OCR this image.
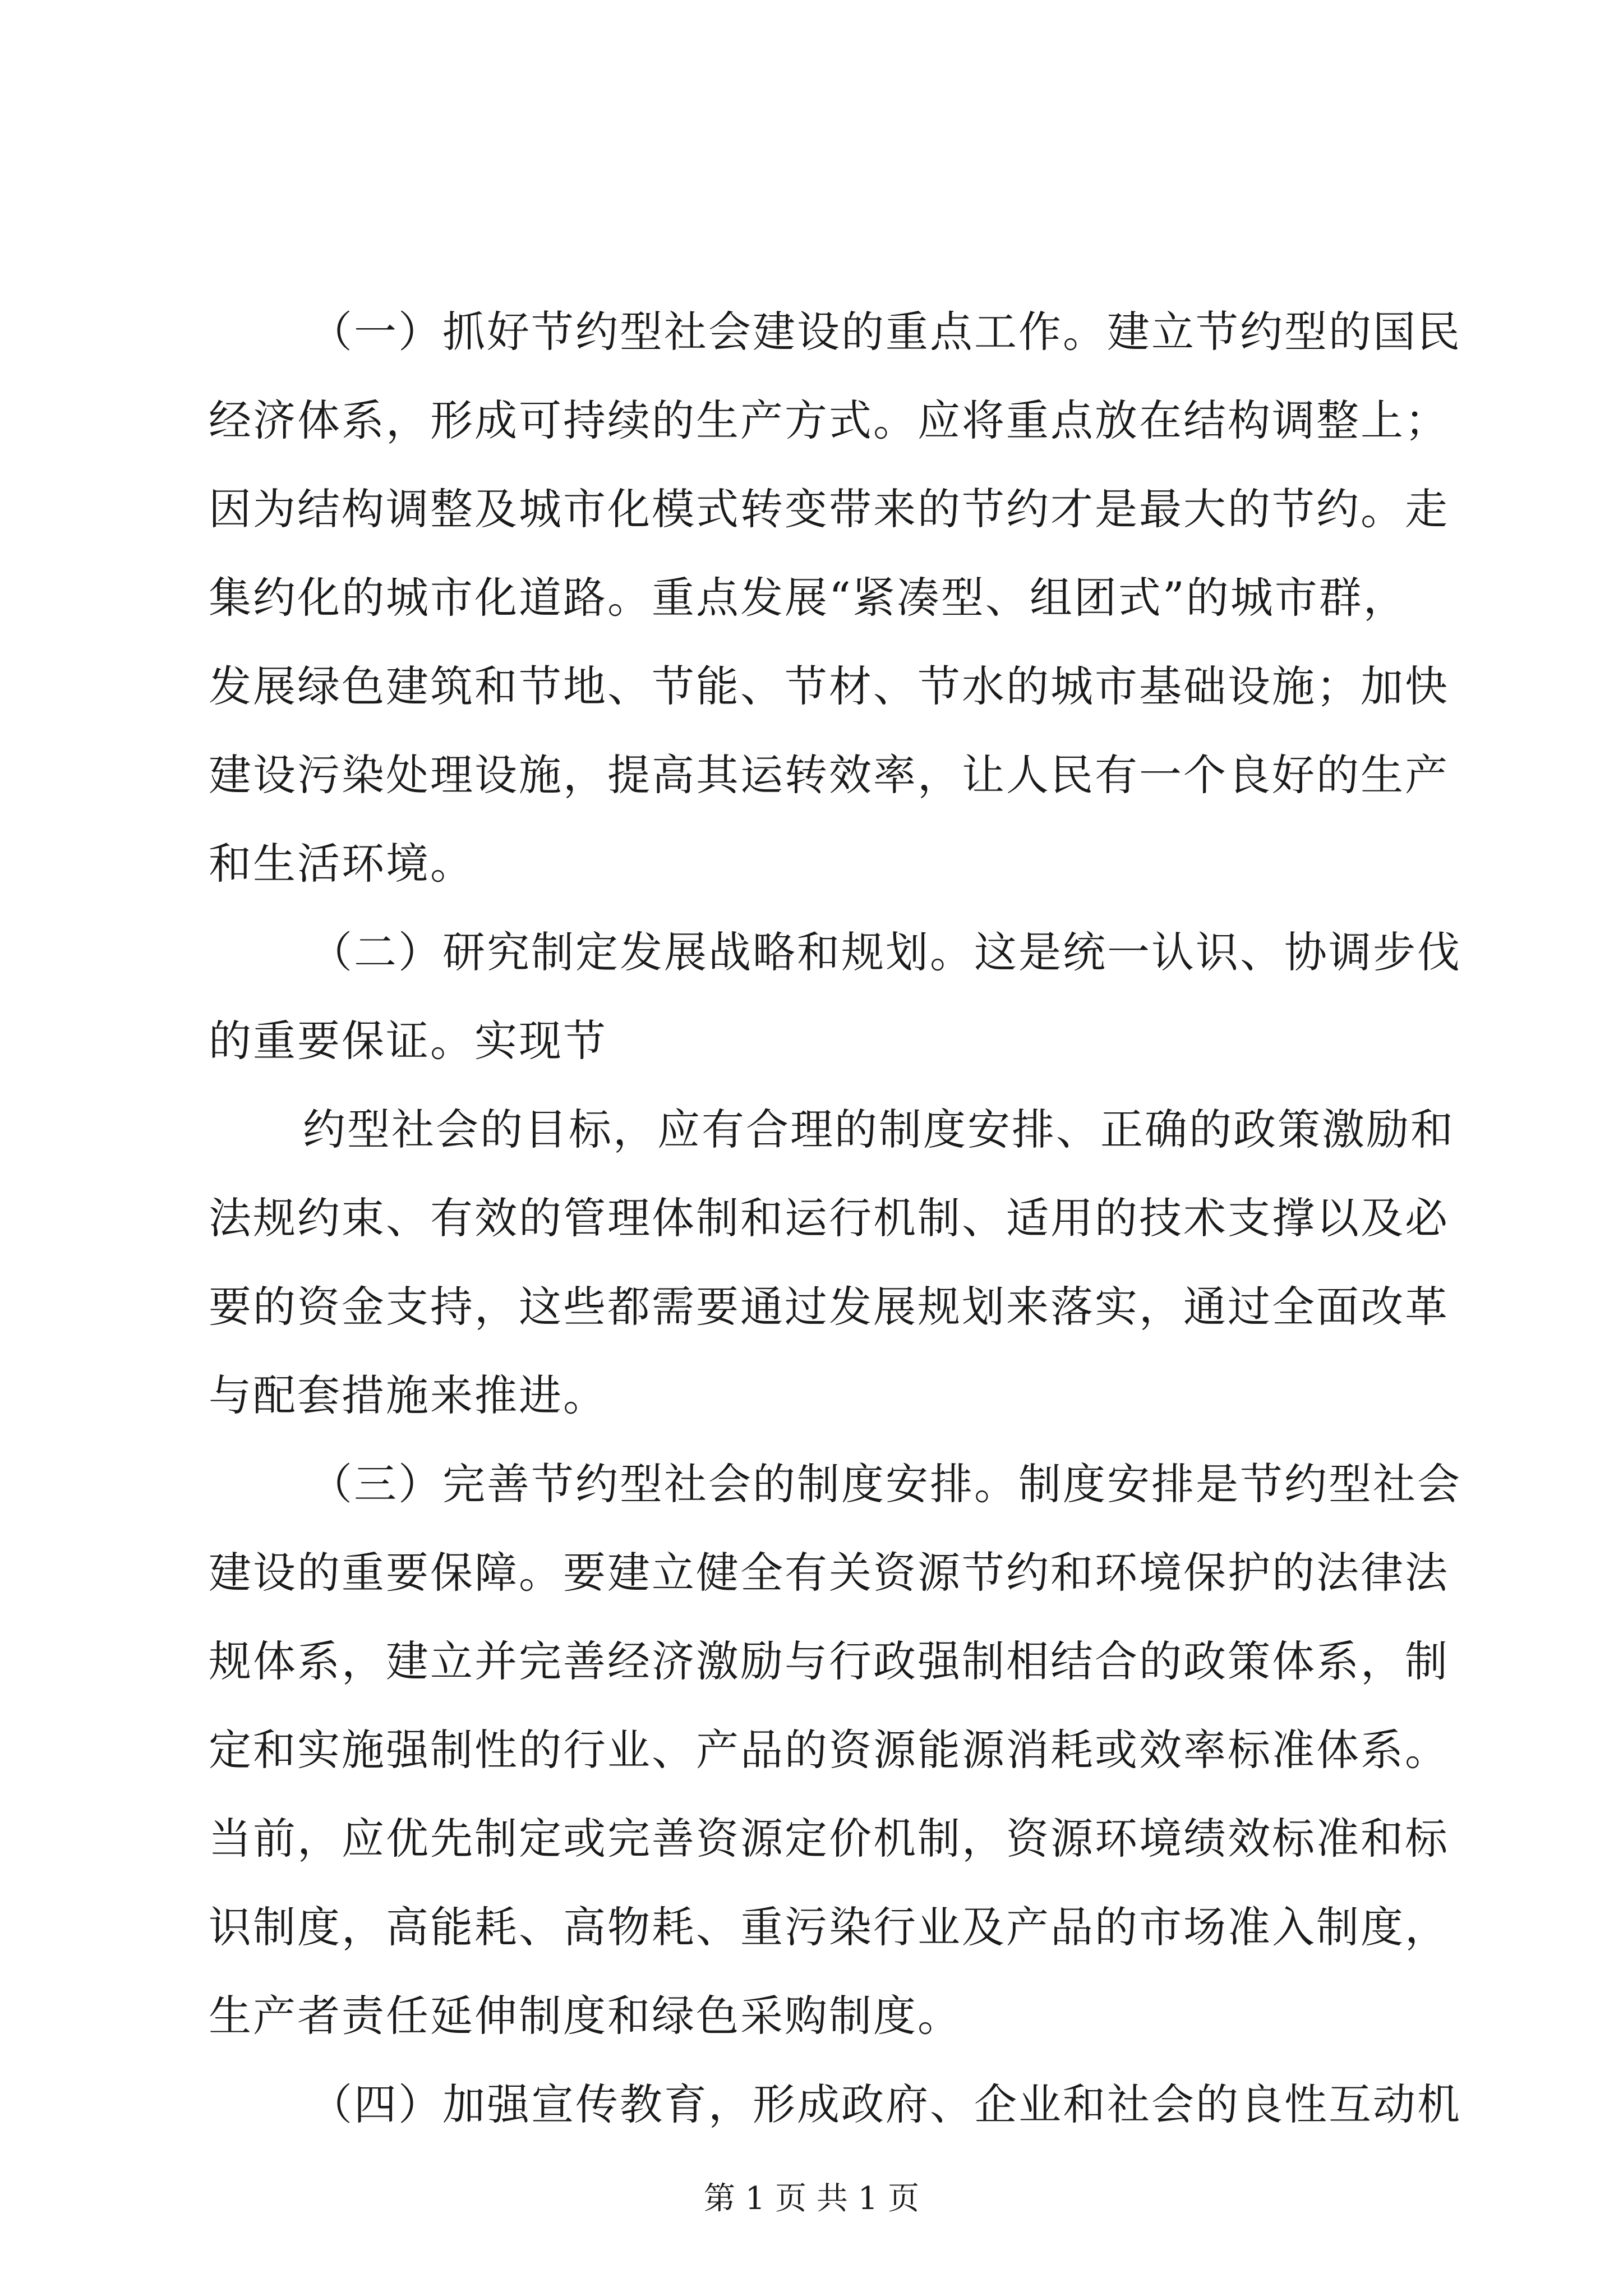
（一）抓好节约型社会建设的重点工作。建立节约型的国民

经济体系，形成可持续的生产方式。应将重点放在结构调整上；

因为结构调整及城市化模式转变带来的节约才是最大的节约。走

集约化的城市化道路。重点发展“紧凑型、组团式”的城市群，

发展绿色建筑和节地、节能、节材、节水的城市基础设施；加快

建设污染处理设施，提高其运转效率，让人民有一个良好的生产

和生活环境。

（二）研究制定发展战略和规划。这是统一认识、协调步伐

的重要保证。实现节

约型社会的目标，应有合理的制度安排、正确的政策激励和

法规约束、有效的管理体制和运行机制、适用的技术支撑以及必

要的资金支持，这些都需要通过发展规划来落实，通过全面改革

与配套措施来推进。

（三）完善节约型社会的制度安排。制度安排是节约型社会

建设的重要保障。要建立健全有关资源节约和环境保护的法律法

规体系，建立并完善经济激励与行政强制相结合的政策体系，制

定和实施强制性的行业、产品的资源能源消耗或效率标准体系。

当前，应优先制定或完善资源定价机制，资源环境绩效标准和标

识制度，高能耗、高物耗、重污染行业及产品的市场准入制度，

生产者责任延伸制度和绿色采购制度。

（四）加强宣传教育，形成政府、企业和社会的良性互动机

第 1 页 共 1 页
